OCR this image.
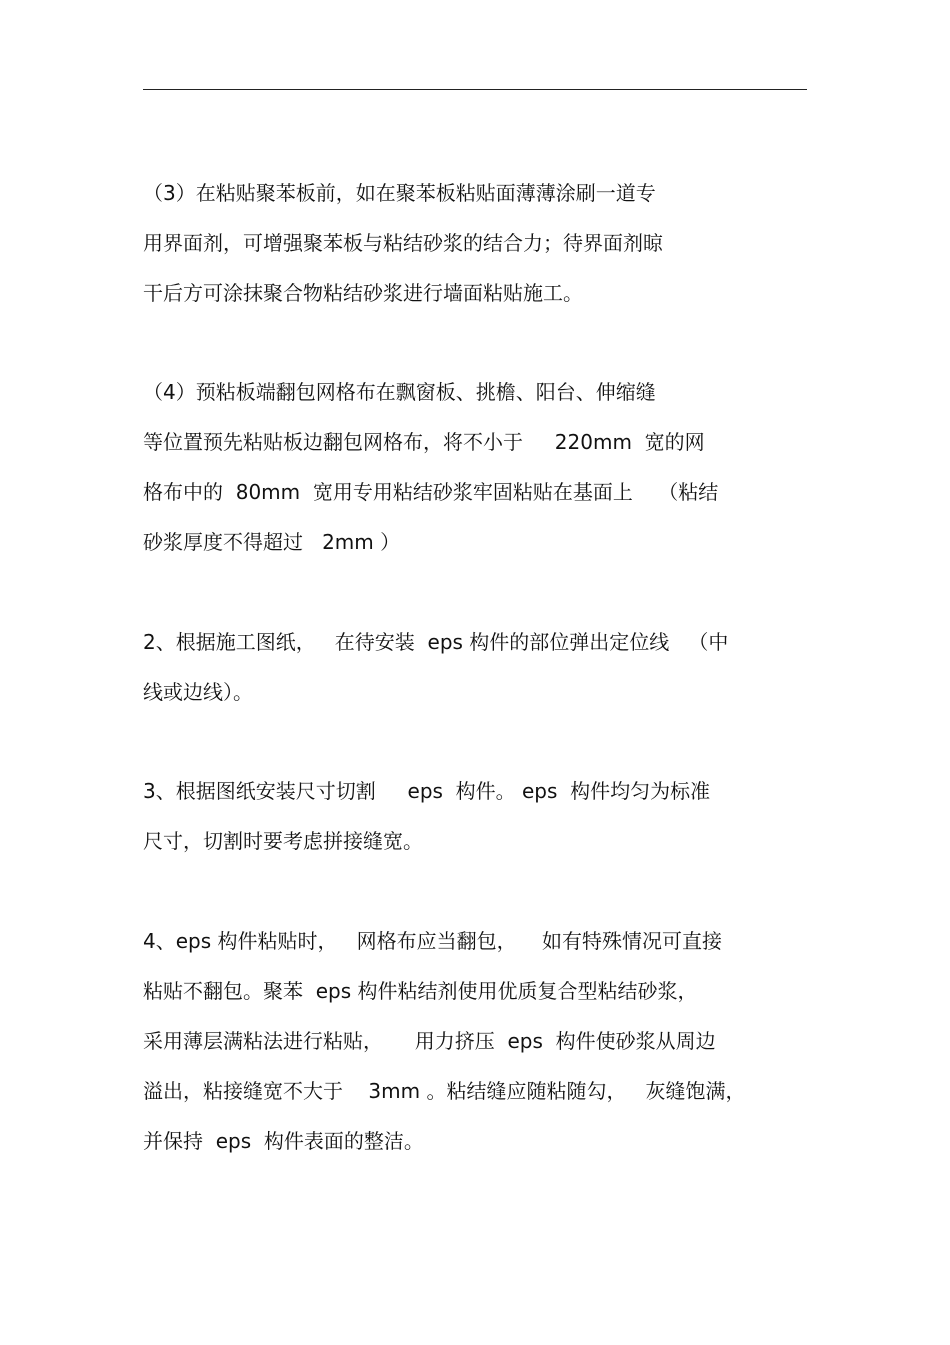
（3）在粘贴聚苯板前，如在聚苯板粘贴面薄薄涂刷一道专
用界面剂，可增强聚苯板与粘结砂浆的结合力；待界面剂晾
干后方可涂抹聚合物粘结砂浆进行墙面粘贴施工。
（4）预粘板端翻包网格布在飘窗板、挑檐、阳台、伸缩缝
等位置预先粘贴板边翻包网格布，将不小于     220mm  宽的网
格布中的  80mm  宽用专用粘结砂浆牢固粘贴在基面上    （粘结
砂浆厚度不得超过   2mm ）
2、根据施工图纸，   在待安装  eps 构件的部位弹出定位线   （中
线或边线）。
3、根据图纸安装尺寸切割     eps  构件。 eps  构件均匀为标准
尺寸，切割时要考虑拼接缝宽。
4、eps 构件粘贴时，   网格布应当翻包，    如有特殊情况可直接
粘贴不翻包。聚苯  eps 构件粘结剂使用优质复合型粘结砂浆，
采用薄层满粘法进行粘贴，     用力挤压  eps  构件使砂浆从周边
溢出，粘接缝宽不大于    3mm 。粘结缝应随粘随勾，   灰缝饱满，
并保持  eps  构件表面的整洁。
